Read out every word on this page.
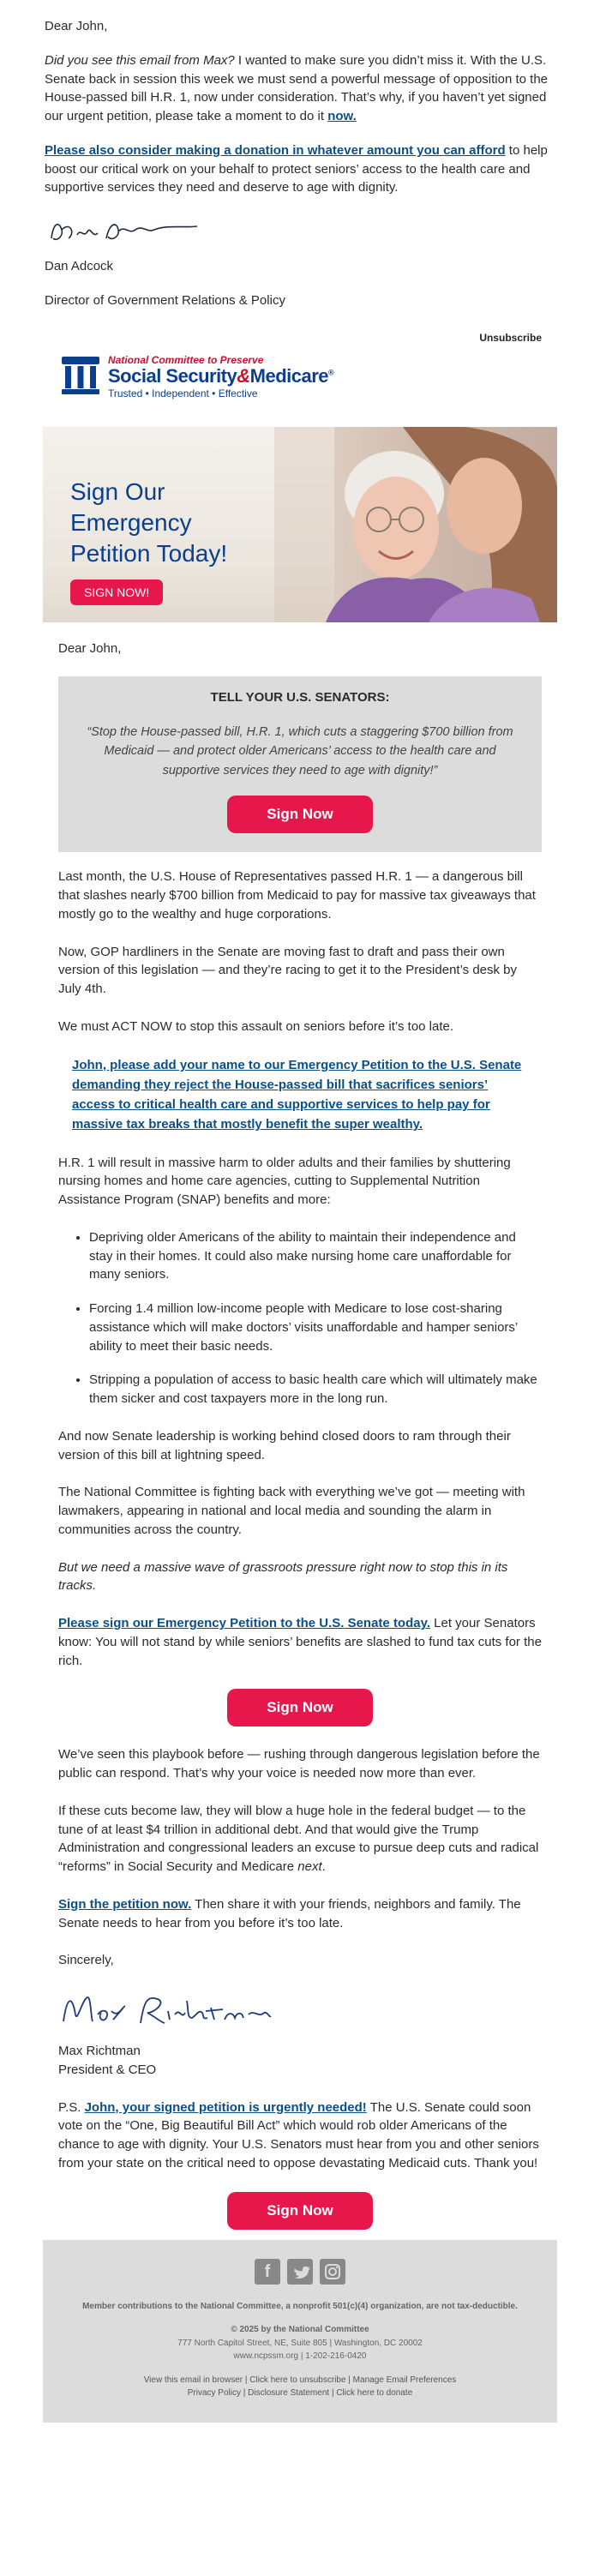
Dear John,

Did you see this email from Max? I wanted to make sure you didn’t miss it. With the U.S. Senate back in session this week we must send a powerful message of opposition to the House-passed bill H.R. 1, now under consideration. That’s why, if you haven’t yet signed our urgent petition, please take a moment to do it now.

Please also consider making a donation in whatever amount you can afford to help boost our critical work on your behalf to protect seniors’ access to the health care and supportive services they need and deserve to age with dignity.

Dan Adcock

Director of Government Relations & Policy

Unsubscribe
National Committee to Preserve
Social Security&Medicare®
Trusted • Independent • Effective
Sign Our
Emergency
Petition Today!
SIGN NOW!

Dear John,

TELL YOUR U.S. SENATORS:
“Stop the House-passed bill, H.R. 1, which cuts a staggering $700 billion from Medicaid — and protect older Americans’ access to the health care and supportive services they need to age with dignity!”
Sign Now

Last month, the U.S. House of Representatives passed H.R. 1 — a dangerous bill that slashes nearly $700 billion from Medicaid to pay for massive tax giveaways that mostly go to the wealthy and huge corporations.

Now, GOP hardliners in the Senate are moving fast to draft and pass their own version of this legislation — and they’re racing to get it to the President’s desk by July 4th.

We must ACT NOW to stop this assault on seniors before it’s too late.

John, please add your name to our Emergency Petition to the U.S. Senate demanding they reject the House-passed bill that sacrifices seniors’ access to critical health care and supportive services to help pay for massive tax breaks that mostly benefit the super wealthy.

H.R. 1 will result in massive harm to older adults and their families by shuttering nursing homes and home care agencies, cutting to Supplemental Nutrition Assistance Program (SNAP) benefits and more:

• Depriving older Americans of the ability to maintain their independence and stay in their homes. It could also make nursing home care unaffordable for many seniors.
• Forcing 1.4 million low-income people with Medicare to lose cost-sharing assistance which will make doctors’ visits unaffordable and hamper seniors’ ability to meet their basic needs.
• Stripping a population of access to basic health care which will ultimately make them sicker and cost taxpayers more in the long run.

And now Senate leadership is working behind closed doors to ram through their version of this bill at lightning speed.

The National Committee is fighting back with everything we’ve got — meeting with lawmakers, appearing in national and local media and sounding the alarm in communities across the country.

But we need a massive wave of grassroots pressure right now to stop this in its tracks.

Please sign our Emergency Petition to the U.S. Senate today. Let your Senators know: You will not stand by while seniors’ benefits are slashed to fund tax cuts for the rich.

Sign Now

We’ve seen this playbook before — rushing through dangerous legislation before the public can respond. That’s why your voice is needed now more than ever.

If these cuts become law, they will blow a huge hole in the federal budget — to the tune of at least $4 trillion in additional debt. And that would give the Trump Administration and congressional leaders an excuse to pursue deep cuts and radical “reforms” in Social Security and Medicare next.

Sign the petition now. Then share it with your friends, neighbors and family. The Senate needs to hear from you before it’s too late.

Sincerely,

Max Richtman

President & CEO

P.S. John, your signed petition is urgently needed! The U.S. Senate could soon vote on the “One, Big Beautiful Bill Act” which would rob older Americans of the chance to age with dignity. Your U.S. Senators must hear from you and other seniors from your state on the critical need to oppose devastating Medicaid cuts. Thank you!

Sign Now
f

Member contributions to the National Committee, a nonprofit 501(c)(4) organization, are not tax-deductible.

© 2025 by the National Committee
777 North Capitol Street, NE, Suite 805 | Washington, DC 20002
www.ncpssm.org | 1-202-216-0420

View this email in browser | Click here to unsubscribe | Manage Email Preferences
Privacy Policy | Disclosure Statement | Click here to donate
